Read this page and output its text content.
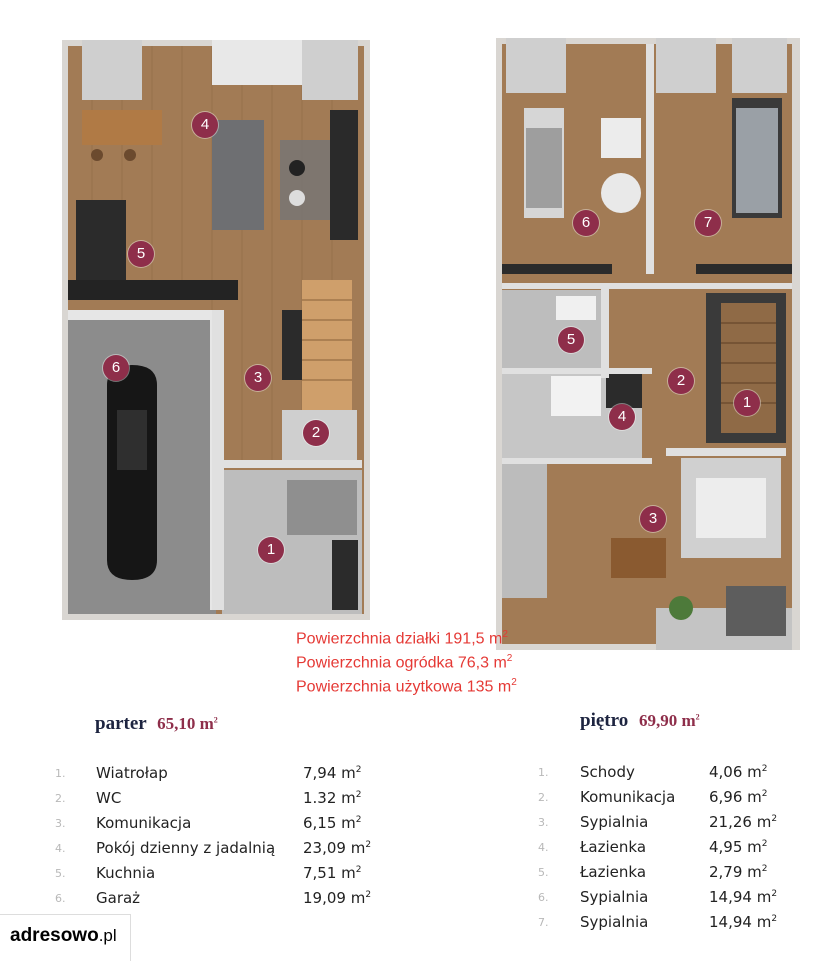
4
5
6
3
2
1
6	7
5
2
1
4
3
Powierzchnia działki 191,5 $m^2$
Powierzchnia ogródka 76,3 $m^2$
Powierzchnia użytkowa 135 $m^2$
parter 65,10 $m^2$
1.	Wiatrołap	7,94 $m^2$
2.	WC	1.32 $m^2$
3.	Komunikacja	6,15 $m^2$
4.	Pokój dzienny z jadalnią 23,09 $m^2$
5.	Kuchnia	7,51 $m^2$
6.	Garaż	19,09 $m^2$
piętro 69,90 $m^2$
1.	Schody	4,06 $m^2$
2.	Komunikacja 6,96 $m^2$
3.	Sypialnia	21,26 $m^2$
4.	Łazienka	4,95 $m^2$
5.	Łazienka	2,79 $m^2$
6.	Sypialnia	14,94 $m^2$
7.	Sypialnia	14,94 $m^2$
adresowo.pl
